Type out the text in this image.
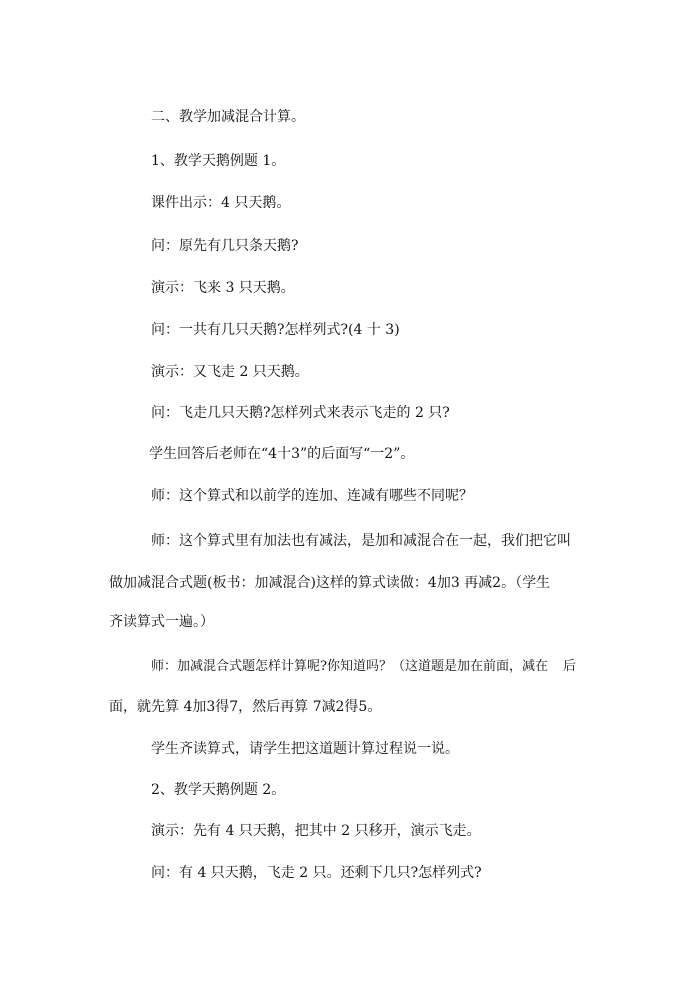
二、教学加减混合计算。
1、教学天鹅例题 1。
课件出示：4 只天鹅。
问：原先有几只条天鹅?
演示：飞来 3 只天鹅。
问：一共有几只天鹅?怎样列式?(4 十 3)
演示：又飞走 2 只天鹅。
问：飞走几只天鹅?怎样列式来表示飞走的 2 只?
学生回答后老师在“4十3”的后面写“一2”。
师：这个算式和以前学的连加、连减有哪些不同呢？
师：这个算式里有加法也有减法，是加和减混合在一起，我们把它叫
做加减混合式题(板书：加减混合)这样的算式读做：4加3 再减2。（学生
齐读算式一遍。）
师：加减混合式题怎样计算呢?你知道吗？（这道题是加在前面，减在 后
面，就先算 4加3得7，然后再算 7减2得5。
学生齐读算式，请学生把这道题计算过程说一说。
2、教学天鹅例题 2。
演示：先有 4 只天鹅，把其中 2 只移开，演示飞走。
问：有 4 只天鹅，飞走 2 只。还剩下几只?怎样列式?
